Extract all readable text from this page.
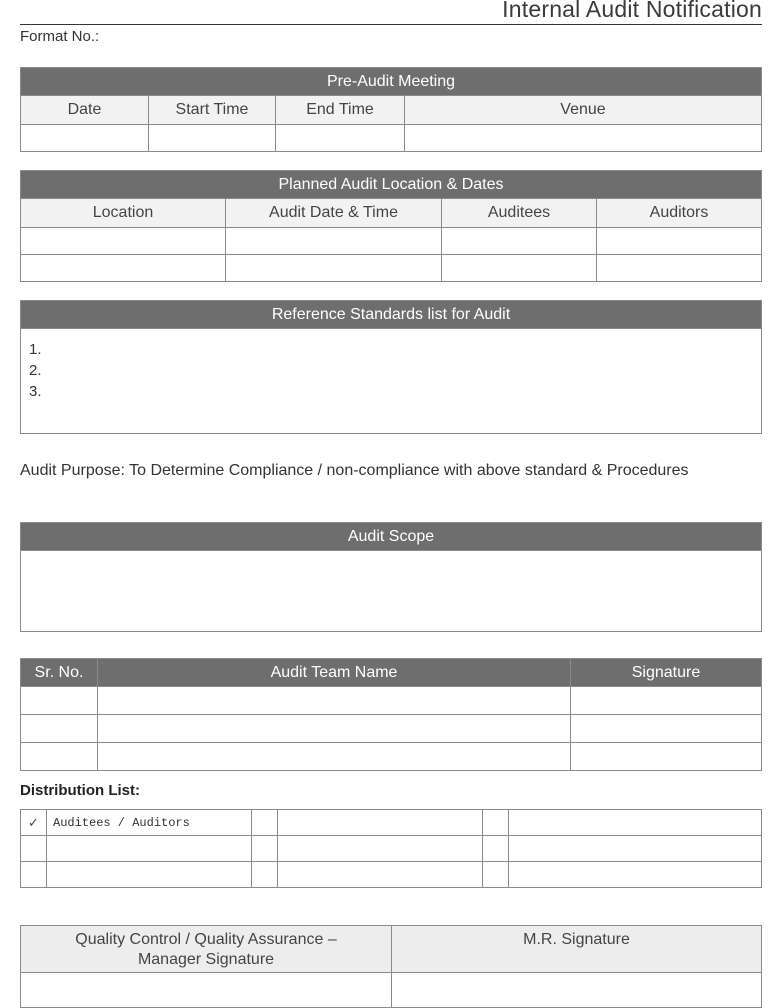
Internal Audit Notification
Format No.:
Pre-Audit Meeting			
Date	Start Time	End Time	Venue

Planned Audit Location & Dates			
Location	Audit Date & Time	Auditees	Auditors

Reference Standards list for Audit

1.
2.
3.
Audit Purpose: To Determine Compliance / non-compliance with above standard & Procedures
Audit Scope

Sr. No.	Audit Team Name	Signature

Distribution List:
✓	Auditees / Auditors				

Quality Control / Quality Assurance – Manager Signature	M.R. Signature
